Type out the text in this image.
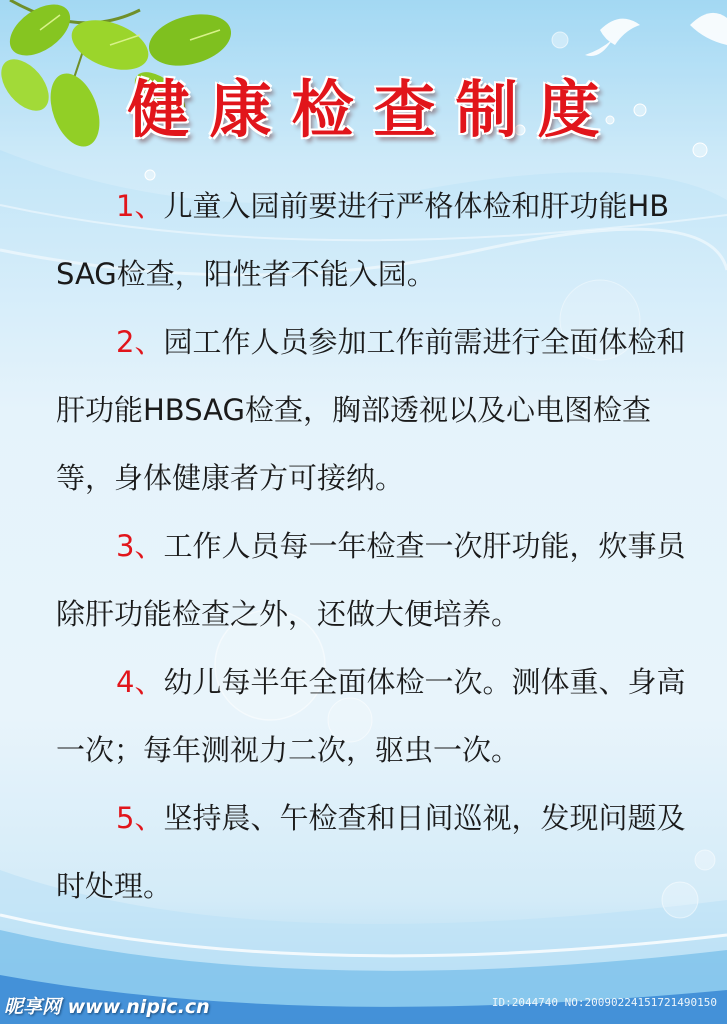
健康检查制度

1、儿童入园前要进行严格体检和肝功能HBSAG检查，阳性者不能入园。

2、园工作人员参加工作前需进行全面体检和肝功能HBSAG检查，胸部透视以及心电图检查等，身体健康者方可接纳。

3、工作人员每一年检查一次肝功能，炊事员除肝功能检查之外，还做大便培养。

4、幼儿每半年全面体检一次。测体重、身高一次；每年测视力二次，驱虫一次。

5、坚持晨、午检查和日间巡视，发现问题及时处理。

昵享网 www.nipic.cn	ID:2044740 NO:20090224151721490150
